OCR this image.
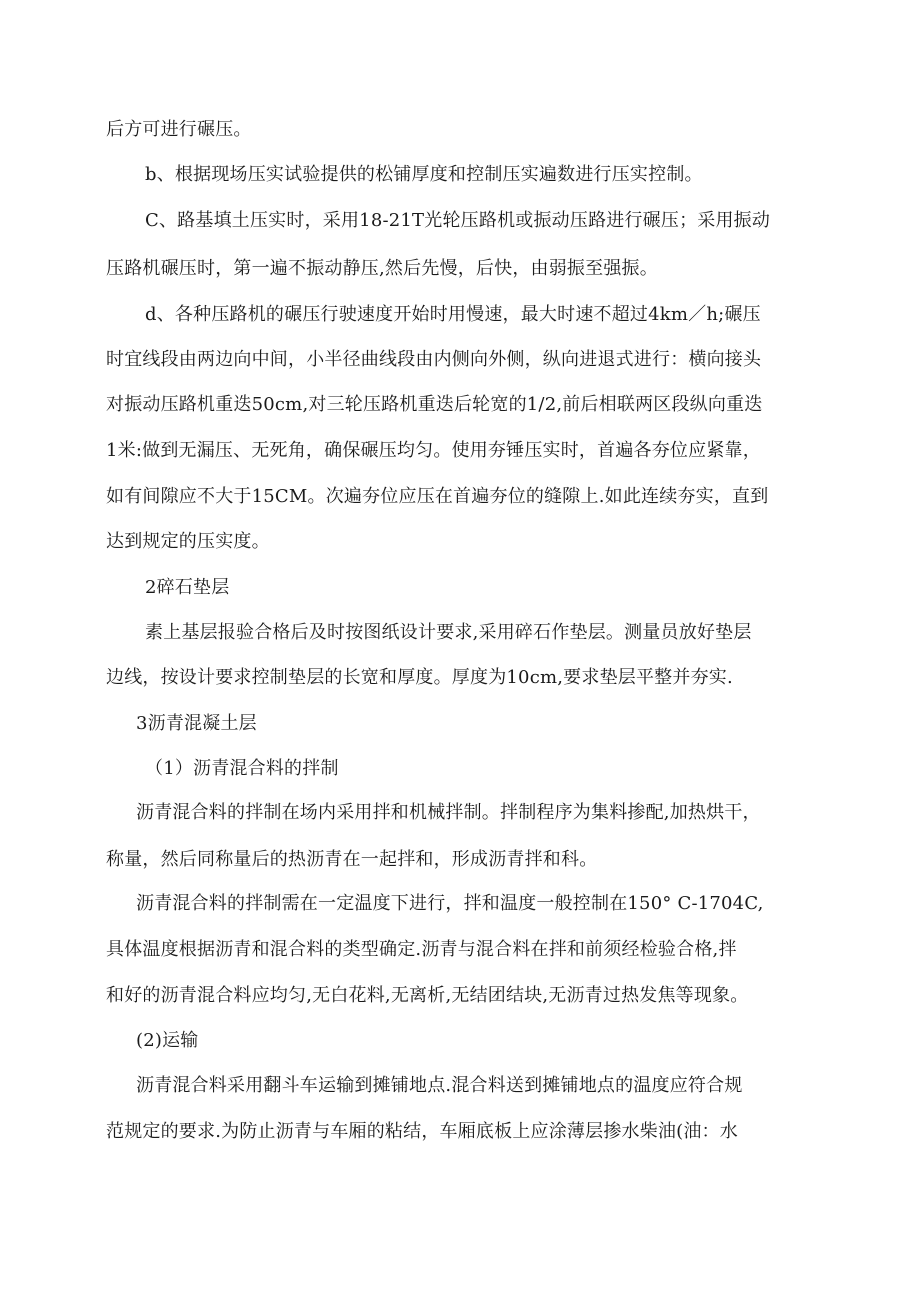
后方可进行碾压。
b、根据现场压实试验提供的松铺厚度和控制压实遍数进行压实控制。
C、路基填土压实时，采用18-21T光轮压路机或振动压路进行碾压；采用振动
压路机碾压时，第一遍不振动静压,然后先慢，后快，由弱振至强振。
d、各种压路机的碾压行驶速度开始时用慢速，最大时速不超过4km／h;碾压
时宜线段由两边向中间，小半径曲线段由内侧向外侧，纵向进退式进行：横向接头
对振动压路机重迭50cm,对三轮压路机重迭后轮宽的1/2,前后相联两区段纵向重迭
1米:做到无漏压、无死角，确保碾压均匀。使用夯锤压实时，首遍各夯位应紧靠，
如有间隙应不大于15CM。次遍夯位应压在首遍夯位的缝隙上.如此连续夯实，直到
达到规定的压实度。
2碎石垫层
素上基层报验合格后及时按图纸设计要求,采用碎石作垫层。测量员放好垫层
边线，按设计要求控制垫层的长宽和厚度。厚度为10cm,要求垫层平整并夯实.
3沥青混凝土层
（1）沥青混合料的拌制
沥青混合料的拌制在场内采用拌和机械拌制。拌制程序为集料掺配,加热烘干，
称量，然后同称量后的热沥青在一起拌和，形成沥青拌和科。
沥青混合料的拌制需在一定温度下进行，拌和温度一般控制在150° C-1704C,
具体温度根据沥青和混合料的类型确定.沥青与混合料在拌和前须经检验合格,拌
和好的沥青混合料应均匀,无白花料,无离析,无结团结块,无沥青过热发焦等现象。
(2)运输
沥青混合料采用翻斗车运输到摊铺地点.混合料送到摊铺地点的温度应符合规
范规定的要求.为防止沥青与车厢的粘结，车厢底板上应涂薄层掺水柴油(油：水
